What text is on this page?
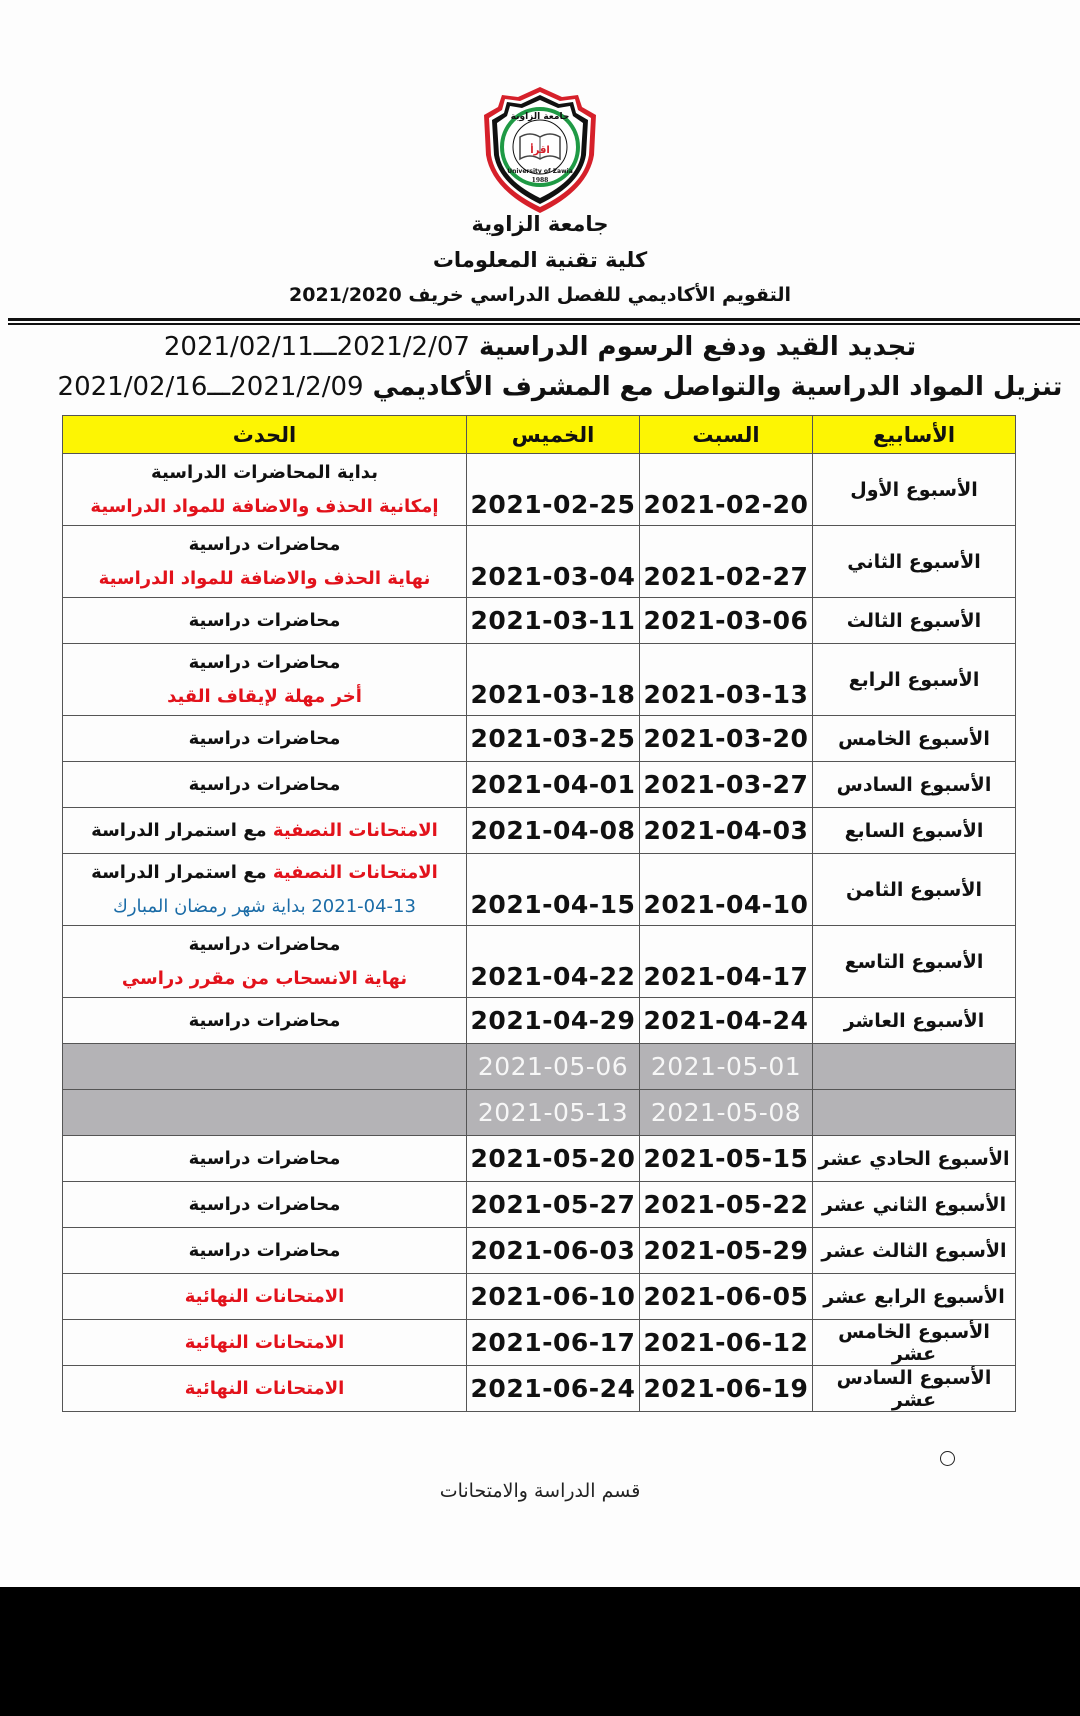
اقرأ
جامعة الزاوية
University of Zawia
1988
جامعة الزاوية
كلية تقنية المعلومات
التقويم الأكاديمي للفصل الدراسي خريف 2021/2020
تجديد القيد ودفع الرسوم الدراسية 2021/2/07ـــ2021/02/11
تنزيل المواد الدراسية والتواصل مع المشرف الأكاديمي 2021/2/09ـــ2021/02/16
الأسابيع	السبت	الخميس	الحدث
الأسبوع الأول	2021-02-20	2021-02-25	بداية المحاضرات الدراسية
إمكانية الحذف والاضافة للمواد الدراسية

الأسبوع الثاني	2021-02-27	2021-03-04	محاضرات دراسية
نهاية الحذف والاضافة للمواد الدراسية

الأسبوع الثالث	2021-03-06	2021-03-11	محاضرات دراسية

الأسبوع الرابع	2021-03-13	2021-03-18	محاضرات دراسية
أخر مهلة لإيقاف القيد

الأسبوع الخامس	2021-03-20	2021-03-25	محاضرات دراسية

الأسبوع السادس	2021-03-27	2021-04-01	محاضرات دراسية

الأسبوع السابع	2021-04-03	2021-04-08	الامتحانات النصفية مع استمرار الدراسة

الأسبوع الثامن	2021-04-10	2021-04-15	الامتحانات النصفية مع استمرار الدراسة
2021-04-13 بداية شهر رمضان المبارك

الأسبوع التاسع	2021-04-17	2021-04-22	محاضرات دراسية
نهاية الانسحاب من مقرر دراسي

الأسبوع العاشر	2021-04-24	2021-04-29	محاضرات دراسية

	2021-05-01	2021-05-06	
	2021-05-08	2021-05-13	
الأسبوع الحادي عشر	2021-05-15	2021-05-20	محاضرات دراسية

الأسبوع الثاني عشر	2021-05-22	2021-05-27	محاضرات دراسية

الأسبوع الثالث عشر	2021-05-29	2021-06-03	محاضرات دراسية

الأسبوع الرابع عشر	2021-06-05	2021-06-10	الامتحانات النهائية

الأسبوع الخامس عشر	2021-06-12	2021-06-17	الامتحانات النهائية

الأسبوع السادس عشر	2021-06-19	2021-06-24	الامتحانات النهائية
قسم الدراسة والامتحانات
